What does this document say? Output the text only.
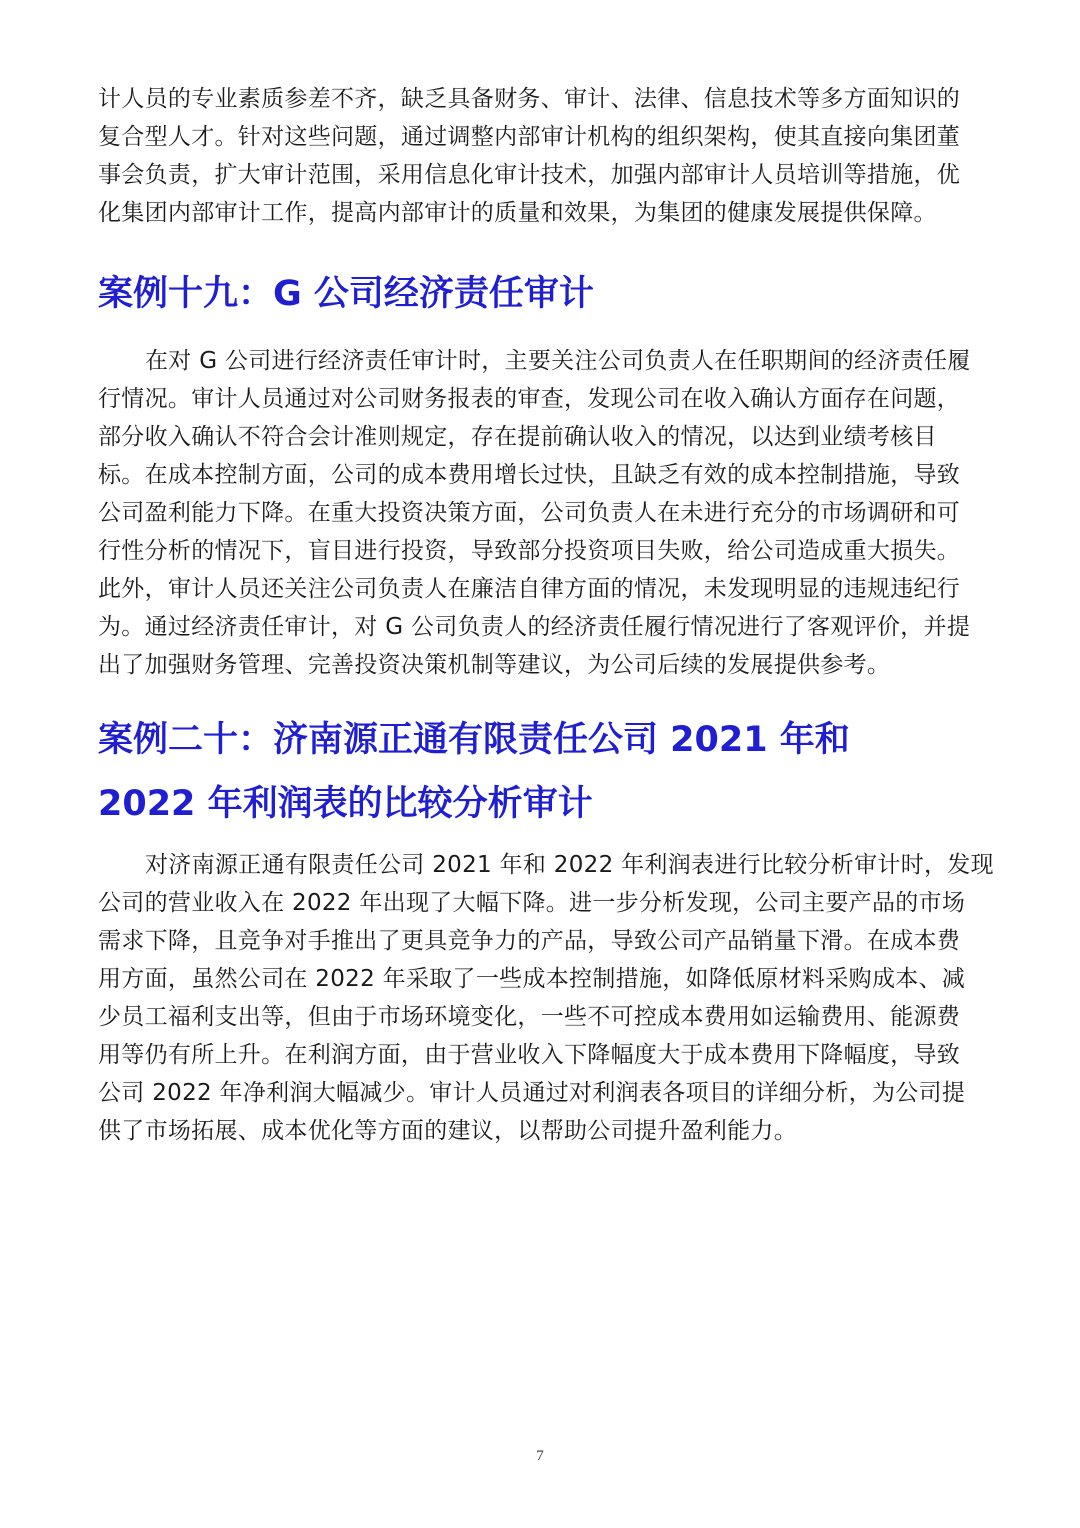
计人员的专业素质参差不齐，缺乏具备财务、审计、法律、信息技术等多方面知识的
复合型人才。针对这些问题，通过调整内部审计机构的组织架构，使其直接向集团董
事会负责，扩大审计范围，采用信息化审计技术，加强内部审计人员培训等措施，优
化集团内部审计工作，提高内部审计的质量和效果，为集团的健康发展提供保障。
案例十九：G 公司经济责任审计
在对 G 公司进行经济责任审计时，主要关注公司负责人在任职期间的经济责任履
行情况。审计人员通过对公司财务报表的审查，发现公司在收入确认方面存在问题，
部分收入确认不符合会计准则规定，存在提前确认收入的情况，以达到业绩考核目
标。在成本控制方面，公司的成本费用增长过快，且缺乏有效的成本控制措施，导致
公司盈利能力下降。在重大投资决策方面，公司负责人在未进行充分的市场调研和可
行性分析的情况下，盲目进行投资，导致部分投资项目失败，给公司造成重大损失。
此外，审计人员还关注公司负责人在廉洁自律方面的情况，未发现明显的违规违纪行
为。通过经济责任审计，对 G 公司负责人的经济责任履行情况进行了客观评价，并提
出了加强财务管理、完善投资决策机制等建议，为公司后续的发展提供参考。
案例二十：济南源正通有限责任公司 2021 年和
2022 年利润表的比较分析审计
对济南源正通有限责任公司 2021 年和 2022 年利润表进行比较分析审计时，发现
公司的营业收入在 2022 年出现了大幅下降。进一步分析发现，公司主要产品的市场
需求下降，且竞争对手推出了更具竞争力的产品，导致公司产品销量下滑。在成本费
用方面，虽然公司在 2022 年采取了一些成本控制措施，如降低原材料采购成本、减
少员工福利支出等，但由于市场环境变化，一些不可控成本费用如运输费用、能源费
用等仍有所上升。在利润方面，由于营业收入下降幅度大于成本费用下降幅度，导致
公司 2022 年净利润大幅减少。审计人员通过对利润表各项目的详细分析，为公司提
供了市场拓展、成本优化等方面的建议，以帮助公司提升盈利能力。
7
